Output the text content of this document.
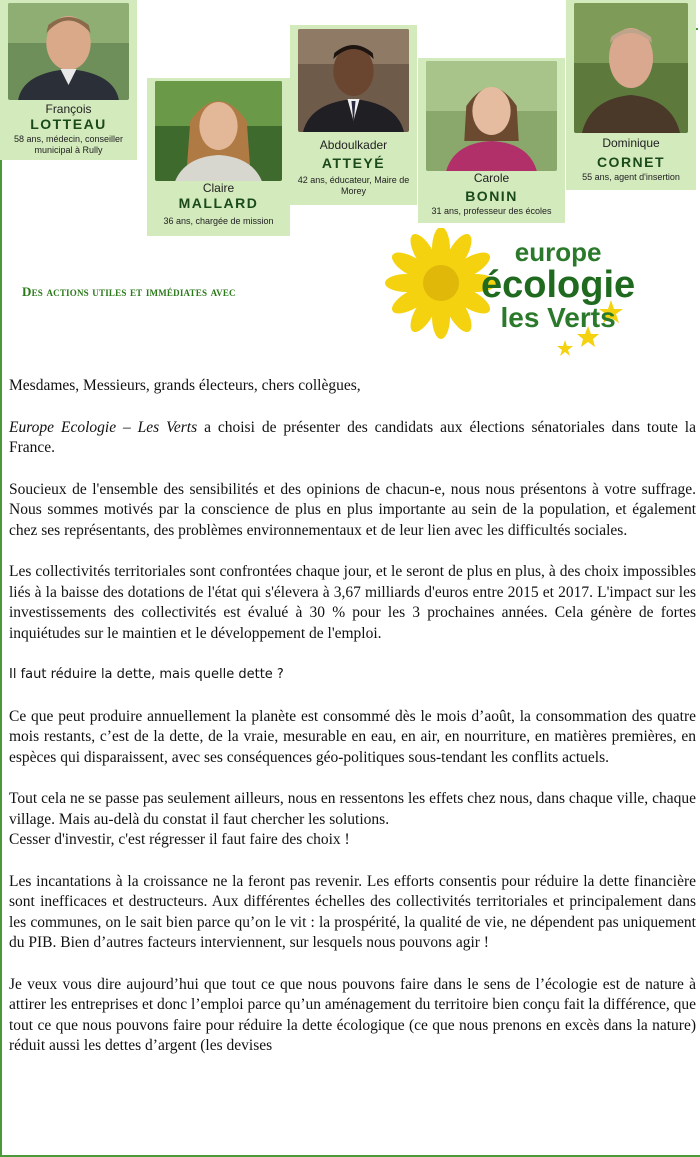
François
LOTTEAU
58 ans, médecin, conseiller municipal à Rully
Claire
MALLARD
36 ans, chargée de mission
Abdoulkader
ATTEYÉ
42 ans, éducateur, Maire de Morey
Carole
BONIN
31 ans, professeur des écoles
Dominique
CORNET
55 ans, agent d'insertion
Des actions utiles et immédiates avec
europe
écologie
les Verts

Mesdames, Messieurs, grands électeurs, chers collègues,

Europe Ecologie – Les Verts a choisi de présenter des candidats aux élections sénatoriales dans toute la France.

Soucieux de l'ensemble des sensibilités et des opinions de chacun-e, nous nous présentons à votre suffrage. Nous sommes motivés par la conscience de plus en plus importante au sein de la population, et également chez ses représentants, des problèmes environnementaux et de leur lien avec les difficultés sociales.

Les collectivités territoriales sont confrontées chaque jour, et le seront de plus en plus, à des choix impossibles liés à la baisse des dotations de l'état qui s'élevera à 3,67 milliards d'euros entre 2015 et 2017. L'impact sur les investissements des collectivités est évalué à 30 % pour les 3 prochaines années. Cela génère de fortes inquiétudes sur le maintien et le développement de l'emploi.

Il faut réduire la dette, mais quelle dette ?

Ce que peut produire annuellement la planète est consommé dès le mois d’août, la consommation des quatre mois restants, c’est de la dette, de la vraie, mesurable en eau, en air, en nourriture, en matières premières, en espèces qui disparaissent, avec ses conséquences géo-politiques sous-tendant les conflits actuels.

Tout cela ne se passe pas seulement ailleurs, nous en ressentons les effets chez nous, dans chaque ville, chaque village. Mais au-delà du constat il faut chercher les solutions.

Cesser d'investir, c'est régresser il faut faire des choix !

Les incantations à la croissance ne la feront pas revenir. Les efforts consentis pour réduire la dette financière sont inefficaces et destructeurs. Aux différentes échelles des collectivités territoriales et principalement dans les communes, on le sait bien parce qu’on le vit : la prospérité, la qualité de vie, ne dépendent pas uniquement du PIB. Bien d’autres facteurs interviennent, sur lesquels nous pouvons agir !

Je veux vous dire aujourd’hui que tout ce que nous pouvons faire dans le sens de l’écologie est de nature à attirer les entreprises et donc l’emploi parce qu’un aménagement du territoire bien conçu fait la différence, que tout ce que nous pouvons faire pour réduire la dette écologique (ce que nous prenons en excès dans la nature) réduit aussi les dettes d’argent (les devises
